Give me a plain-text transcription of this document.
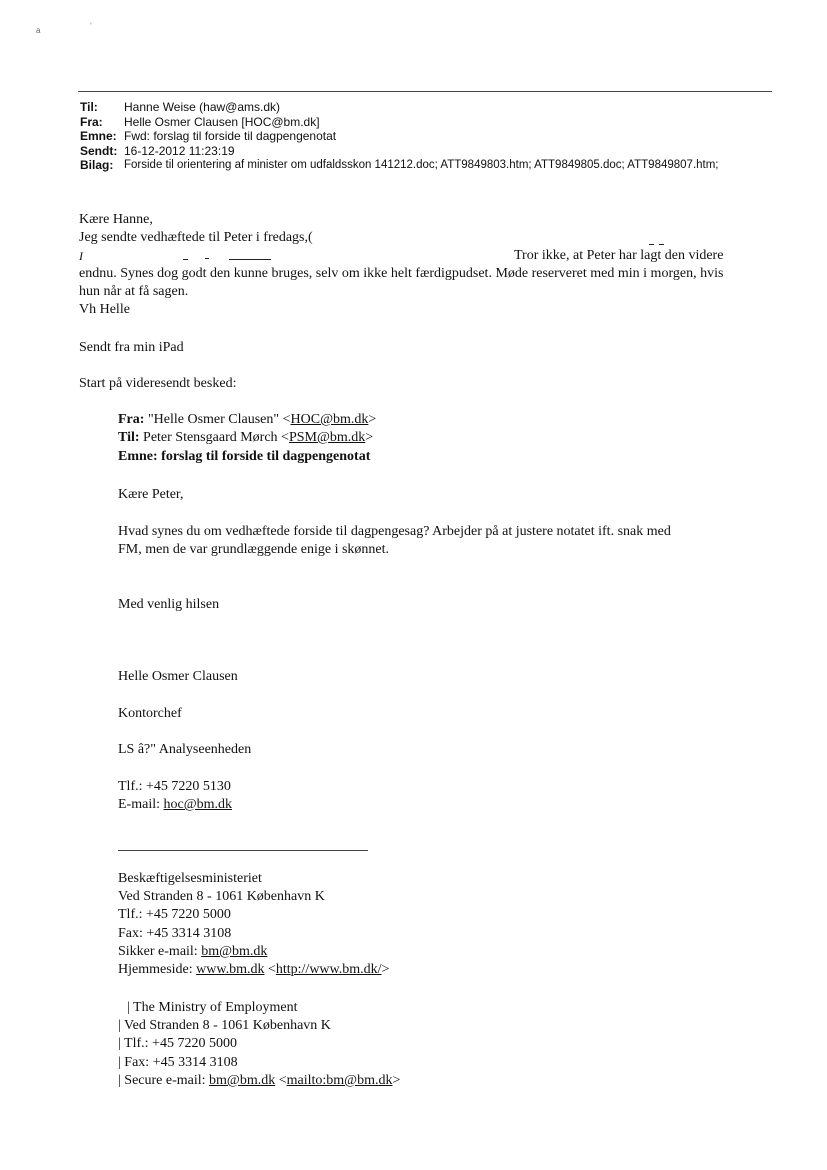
a	ʼ
Til:	Hanne Weise (haw@ams.dk)
Fra:	Helle Osmer Clausen [HOC@bm.dk]
Emne: Fwd: forslag til forside til dagpengenotat
Sendt: 16-12-2012 11:23:19
Bilag: Forside til orientering af minister om udfaldsskon 141212.doc; ATT9849803.htm; ATT9849805.doc; ATT9849807.htm;
Kære Hanne,
Jeg sendte vedhæftede til Peter i fredags,(
I	Tror ikke, at Peter har lagt den videre
endnu. Synes dog godt den kunne bruges, selv om ikke helt færdigpudset. Møde reserveret med min i morgen, hvis
hun når at få sagen.
Vh Helle
Sendt fra min iPad
Start på videresendt besked:
Fra: "Helle Osmer Clausen" <HOC@bm.dk>
Til: Peter Stensgaard Mørch <PSM@bm.dk>
Emne: forslag til forside til dagpengenotat
Kære Peter,
Hvad synes du om vedhæftede forside til dagpengesag? Arbejder på at justere notatet ift. snak med
FM, men de var grundlæggende enige i skønnet.
Med venlig hilsen
Helle Osmer Clausen
Kontorchef
LS â?" Analyseenheden
Tlf.: +45 7220 5130
E-mail: hoc@bm.dk
Beskæftigelsesministeriet
Ved Stranden 8 - 1061 København K
Tlf.: +45 7220 5000
Fax: +45 3314 3108
Sikker e-mail: bm@bm.dk
Hjemmeside: www.bm.dk <http://www.bm.dk/>
| The Ministry of Employment
| Ved Stranden 8 - 1061 København K
| Tlf.: +45 7220 5000
| Fax: +45 3314 3108
| Secure e-mail: bm@bm.dk <mailto:bm@bm.dk>
